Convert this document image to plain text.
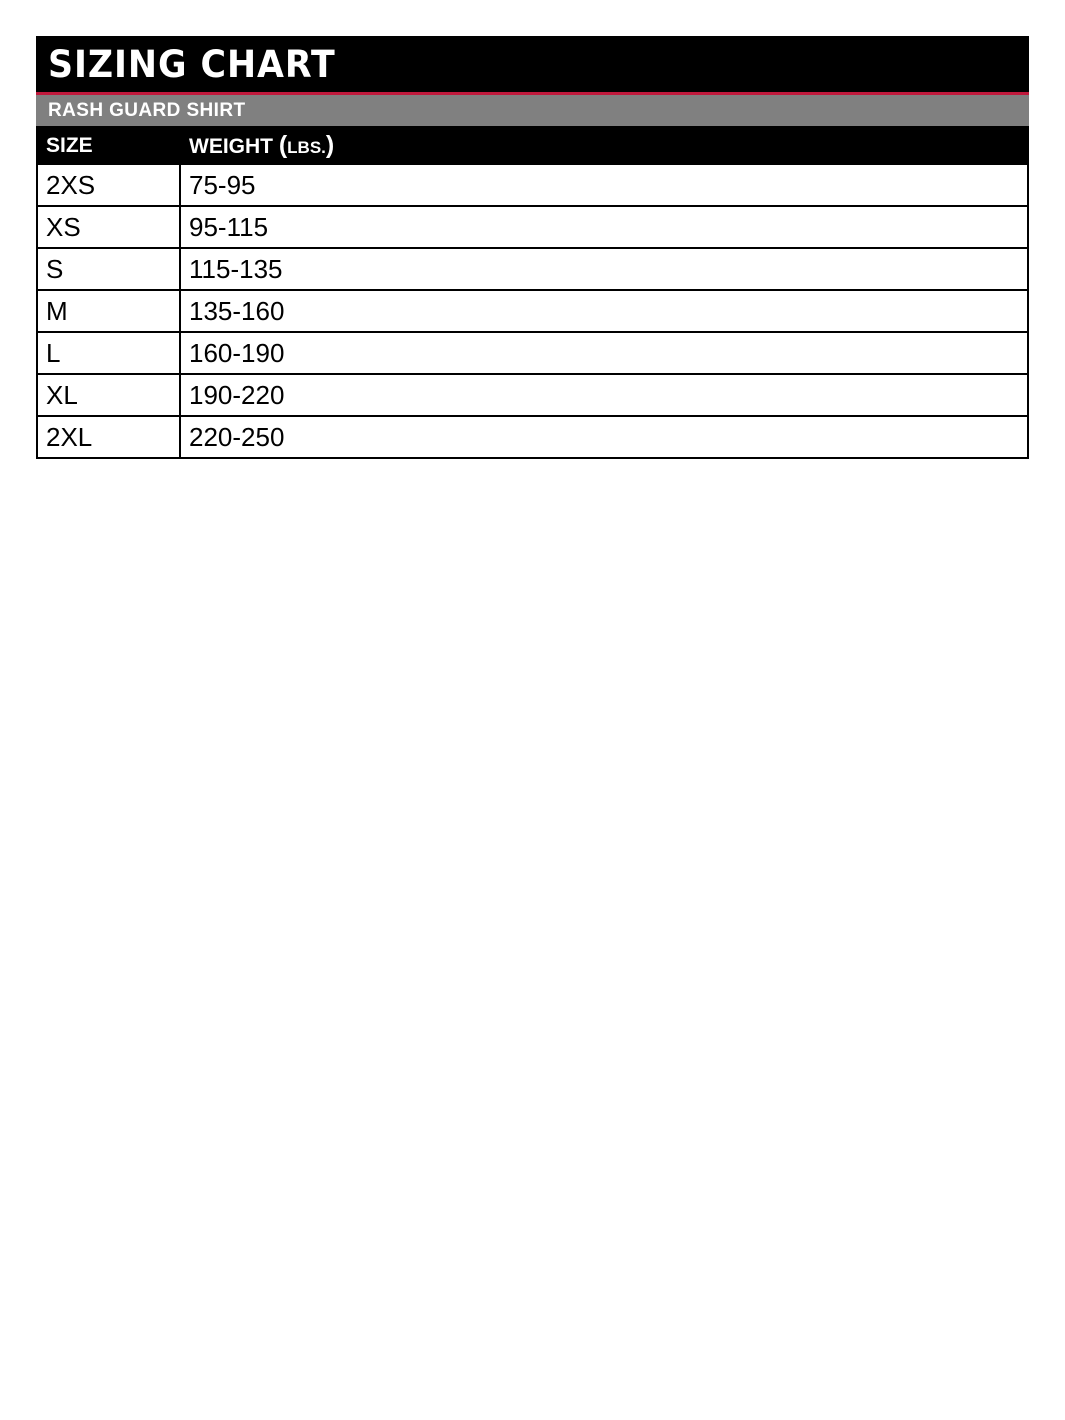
SIZING CHART
RASH GUARD SHIRT
SIZE	WEIGHT (LBS.)
2XS	75-95
XS	95-115
S	115-135
M	135-160
L	160-190
XL	190-220
2XL	220-250
